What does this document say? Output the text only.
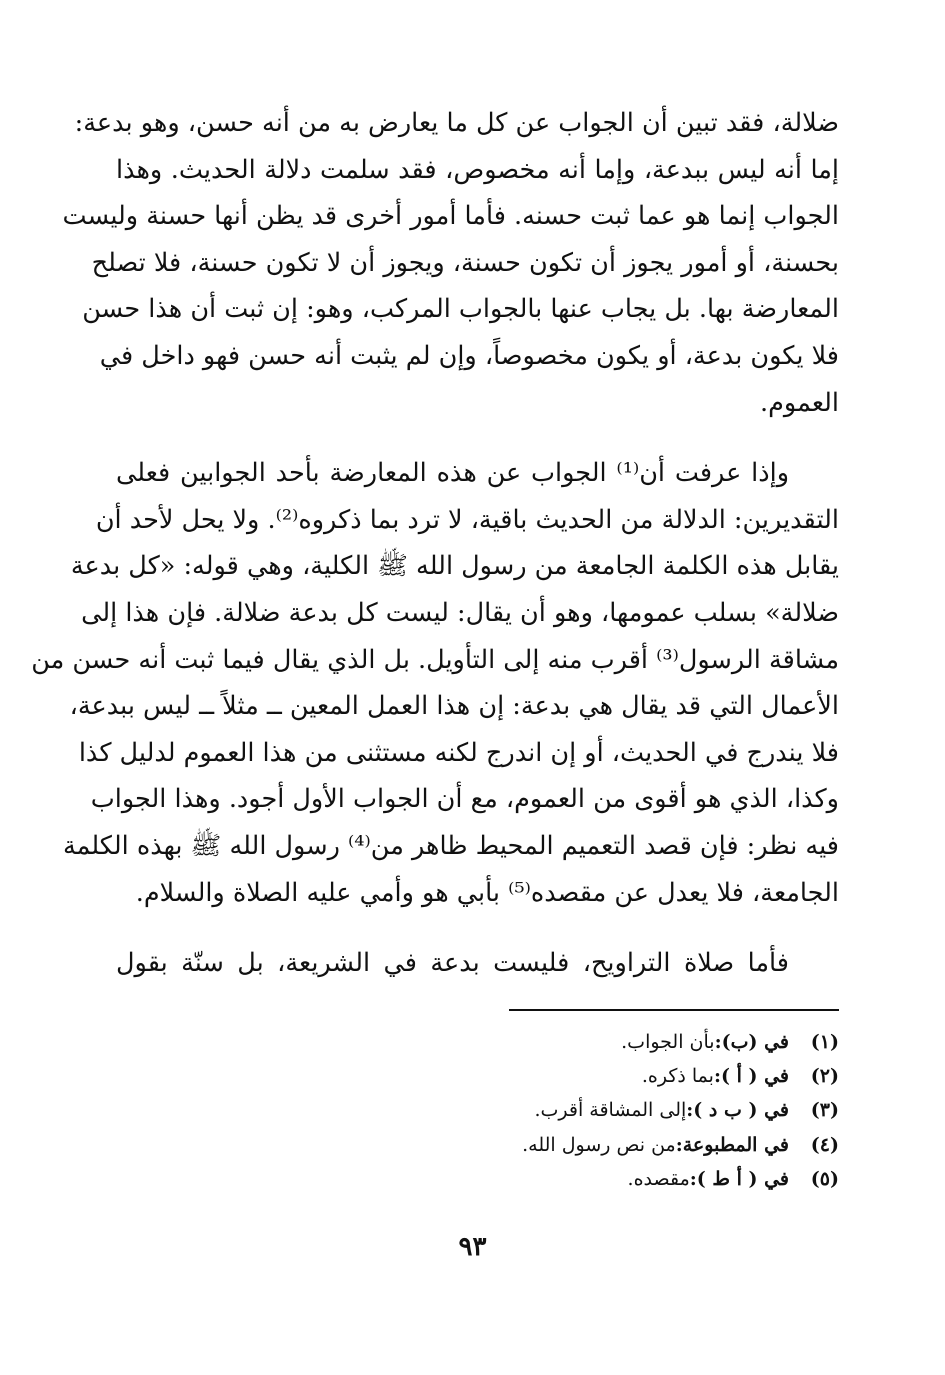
ضلالة، فقد تبين أن الجواب عن كل ما يعارض به من أنه حسن، وهو بدعة:
إما أنه ليس ببدعة، وإما أنه مخصوص، فقد سلمت دلالة الحديث. وهذا
الجواب إنما هو عما ثبت حسنه. فأما أمور أخرى قد يظن أنها حسنة وليست
بحسنة، أو أمور يجوز أن تكون حسنة، ويجوز أن لا تكون حسنة، فلا تصلح
المعارضة بها. بل يجاب عنها بالجواب المركب، وهو: إن ثبت أن هذا حسن
فلا يكون بدعة، أو يكون مخصوصاً، وإن لم يثبت أنه حسن فهو داخل في
العموم.
وإذا عرفت أن⁽¹⁾ الجواب عن هذه المعارضة بأحد الجوابين فعلى
التقديرين: الدلالة من الحديث باقية، لا ترد بما ذكروه⁽²⁾. ولا يحل لأحد أن
يقابل هذه الكلمة الجامعة من رسول الله ﷺ الكلية، وهي قوله: «كل بدعة
ضلالة» بسلب عمومها، وهو أن يقال: ليست كل بدعة ضلالة. فإن هذا إلى
مشاقة الرسول⁽³⁾ أقرب منه إلى التأويل. بل الذي يقال فيما ثبت أنه حسن من
الأعمال التي قد يقال هي بدعة: إن هذا العمل المعين ــ مثلاً ــ ليس ببدعة،
فلا يندرج في الحديث، أو إن اندرج لكنه مستثنى من هذا العموم لدليل كذا
وكذا، الذي هو أقوى من العموم، مع أن الجواب الأول أجود. وهذا الجواب
فيه نظر: فإن قصد التعميم المحيط ظاهر من⁽⁴⁾ رسول الله ﷺ بهذه الكلمة
الجامعة، فلا يعدل عن مقصده⁽⁵⁾ بأبي هو وأمي عليه الصلاة والسلام.
فأما صلاة التراويح، فليست بدعة في الشريعة، بل سنّة بقول
(١)
في (ب):
بأن الجواب.
(٢)
في ( أ ):
بما ذكره.
(٣)
في ( ب د ):
إلى المشاقة أقرب.
(٤)
في المطبوعة:
من نص رسول الله.
(٥)
في ( أ ط ):
مقصده.
٩٣
